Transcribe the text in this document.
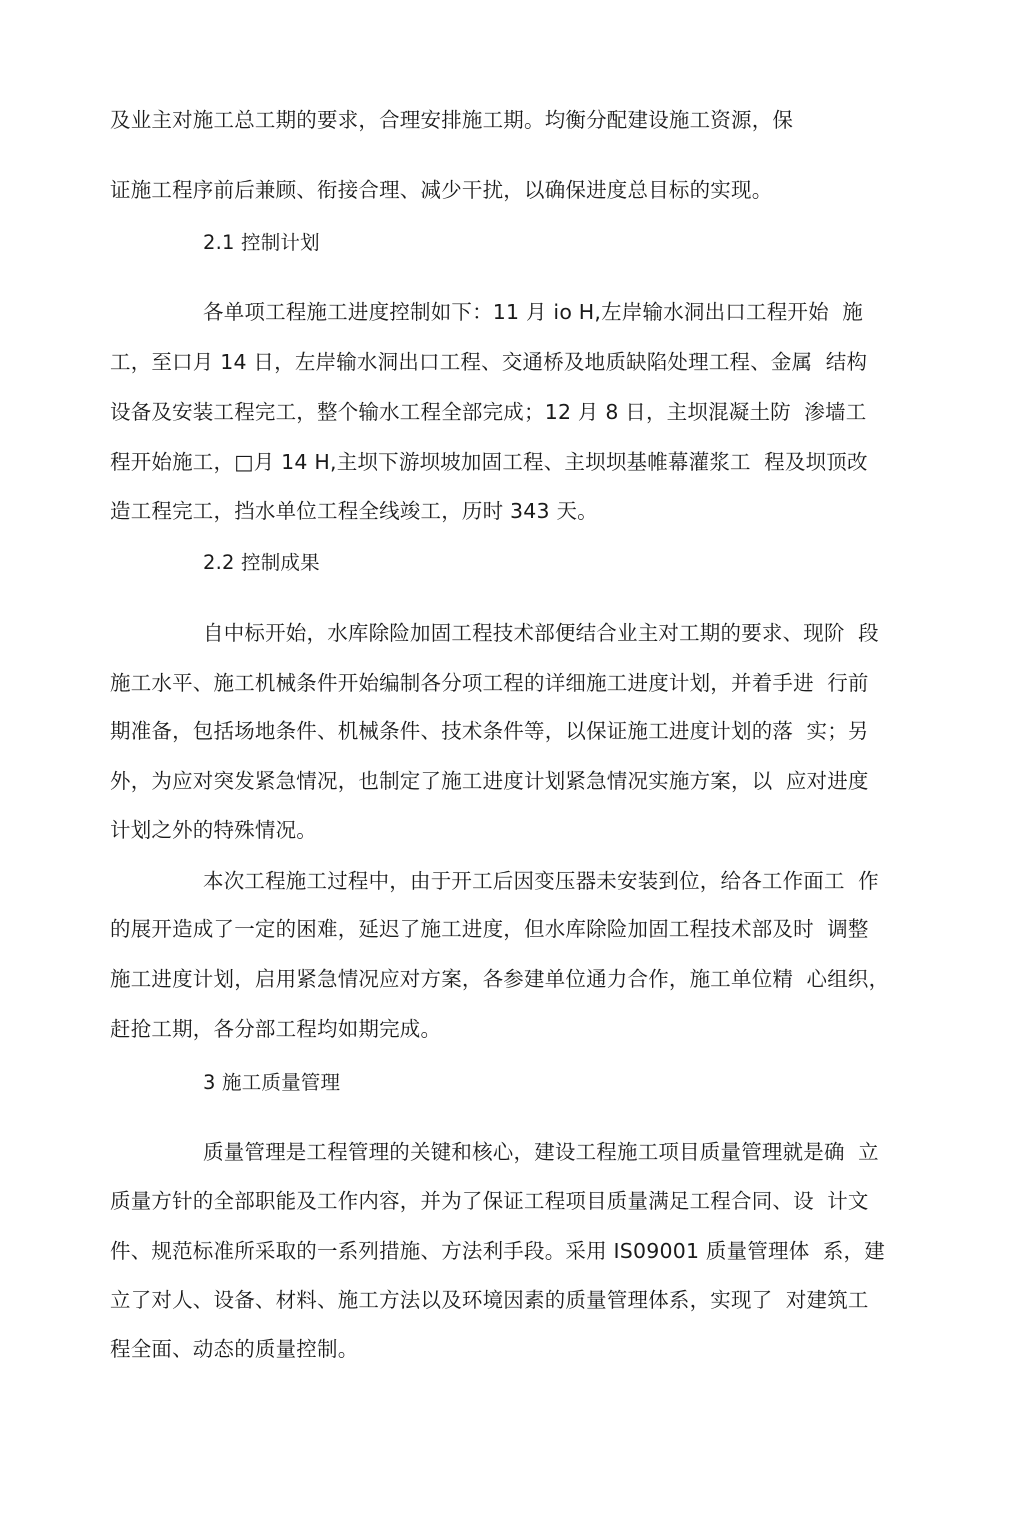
及业主对施工总工期的要求，合理安排施工期。均衡分配建设施工资源，保
证施工程序前后兼顾、衔接合理、减少干扰，以确保进度总目标的实现。
2.1 控制计划
各单项工程施工进度控制如下：11 月 io H,左岸输水洞出口工程开始  施
工，至口月 14 日，左岸输水洞出口工程、交通桥及地质缺陷处理工程、金属  结构
设备及安装工程完工，整个输水工程全部完成；12 月 8 日，主坝混凝土防  渗墙工
程开始施工，□月 14 H,主坝下游坝坡加固工程、主坝坝基帷幕灌浆工  程及坝顶改
造工程完工，挡水单位工程全线竣工，历时 343 天。
2.2 控制成果
自中标开始，水库除险加固工程技术部便结合业主对工期的要求、现阶  段
施工水平、施工机械条件开始编制各分项工程的详细施工进度计划，并着手进  行前
期准备，包括场地条件、机械条件、技术条件等，以保证施工进度计划的落  实；另
外，为应对突发紧急情况，也制定了施工进度计划紧急情况实施方案，以  应对进度
计划之外的特殊情况。
本次工程施工过程中，由于开工后因变压器未安装到位，给各工作面工  作
的展开造成了一定的困难，延迟了施工进度，但水库除险加固工程技术部及时  调整
施工进度计划，启用紧急情况应对方案，各参建单位通力合作，施工单位精  心组织，
赶抢工期，各分部工程均如期完成。
3 施工质量管理
质量管理是工程管理的关键和核心，建设工程施工项目质量管理就是确  立
质量方针的全部职能及工作内容，并为了保证工程项目质量满足工程合同、设  计文
件、规范标准所采取的一系列措施、方法利手段。采用 IS09001 质量管理体  系，建
立了对人、设备、材料、施工方法以及环境因素的质量管理体系，实现了  对建筑工
程全面、动态的质量控制。
